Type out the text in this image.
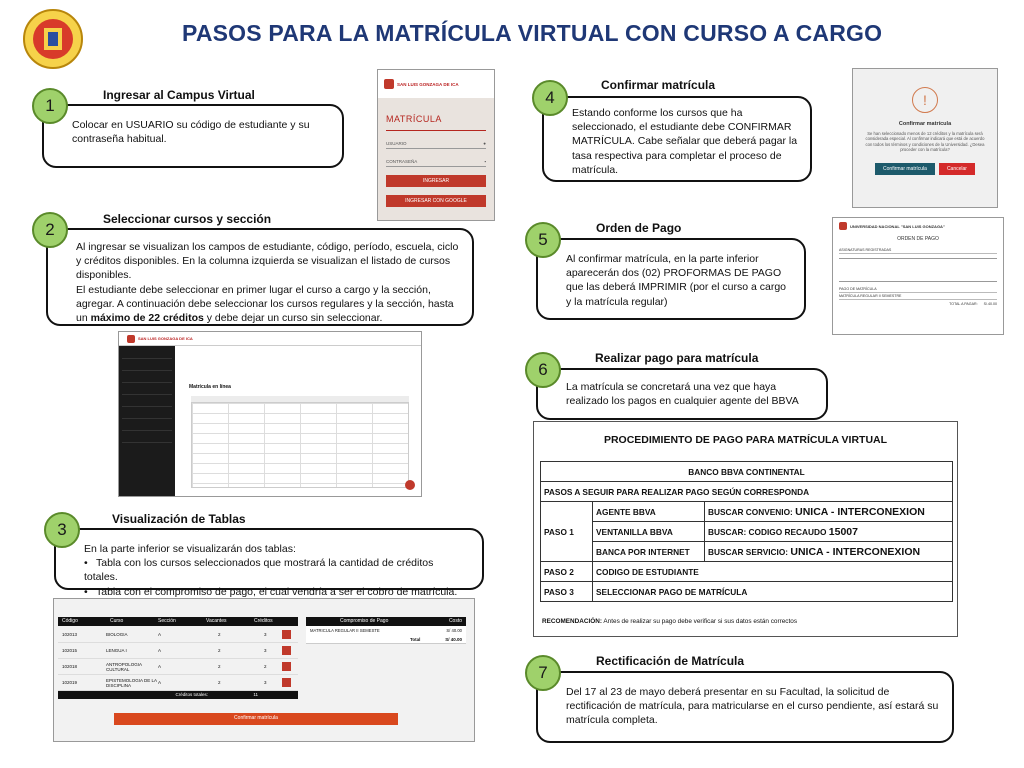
PASOS PARA LA MATRÍCULA VIRTUAL CON CURSO A CARGO
1
Ingresar al Campus Virtual
Colocar en USUARIO su código de estudiante y su contraseña habitual.
SAN LUIS GONZAGA DE ICA
MATRÍCULA
USUARIO	●
CONTRASEÑA	▪
INGRESAR
INGRESAR CON GOOGLE
2
Seleccionar cursos y sección
Al ingresar se visualizan los campos de estudiante, código, período, escuela, ciclo y créditos disponibles. En la columna izquierda se visualizan el listado de cursos disponibles.
El estudiante debe seleccionar en primer lugar el curso a cargo y la sección, agregar. A continuación debe seleccionar los cursos regulares y la sección, hasta un máximo de 22 créditos y debe dejar un curso sin seleccionar.
SAN LUIS GONZAGA DE ICA
Matrícula en línea
3
Visualización de Tablas
En la parte inferior se visualizarán dos tablas:
• Tabla con los cursos seleccionados que mostrará la cantidad de créditos totales.
• Tabla con el compromiso de pago, el cual vendría a ser el cobro de matrícula.
Código	Curso	Sección	Vacantes	Créditos
102013	BIOLOGIA	A	2	3
102015	LENGUA I	A	2	3
102018	ANTROPOLOGIA CULTURAL	A	2	2
102019	EPISTEMOLOGIA DE LA DISCIPLINA	A	2	3
Créditos totales:	11
Compromiso de Pago	Costo
MATRICULA REGULAR II SEMESTE	S/ 40.00
Total	S/ 40.00
Confirmar matrícula
4
Confirmar matrícula
Estando conforme los cursos que ha seleccionado, el estudiante debe CONFIRMAR MATRÍCULA. Cabe señalar que deberá pagar la tasa respectiva para completar el proceso de matrícula.
!
Confirmar matrícula
Se han seleccionado menos de 12 créditos y la matrícula será considerada especial. Al confirmar indicará que está de acuerdo con todos los términos y condiciones de la Universidad. ¿Desea proceder con la matrícula?
Confirmar matrícula	Cancelar
5
Orden de Pago
Al confirmar matrícula, en la parte inferior aparecerán dos (02) PROFORMAS DE PAGO que las deberá IMPRIMIR (por el curso a cargo y la matrícula regular)
UNIVERSIDAD NACIONAL "SAN LUIS GONZAGA"
ORDEN DE PAGO
ASIGNATURAS REGISTRADAS
PAGO DE MATRÍCULA
MATRÍCULA REGULAR II SEMESTRE
TOTAL A PAGAR: S/.40.00
6
Realizar pago para matrícula
La matrícula se concretará una vez que haya realizado los pagos en cualquier agente del BBVA
PROCEDIMIENTO DE PAGO PARA MATRÍCULA VIRTUAL
BANCO BBVA CONTINENTAL		
PASOS A SEGUIR PARA REALIZAR PAGO SEGÚN CORRESPONDA		
PASO 1	AGENTE BBVA	BUSCAR CONVENIO: UNICA - INTERCONEXION
	VENTANILLA BBVA	BUSCAR: CODIGO RECAUDO 15007
	BANCA POR INTERNET	BUSCAR SERVICIO: UNICA - INTERCONEXION
PASO 2	CODIGO DE ESTUDIANTE	
PASO 3	SELECCIONAR PAGO DE MATRÍCULA	
RECOMENDACIÓN: Antes de realizar su pago debe verificar si sus datos están correctos
7
Rectificación de Matrícula
Del 17 al 23 de mayo deberá presentar en su Facultad, la solicitud de rectificación de matrícula, para matricularse en el curso pendiente, así estará su matrícula completa.
